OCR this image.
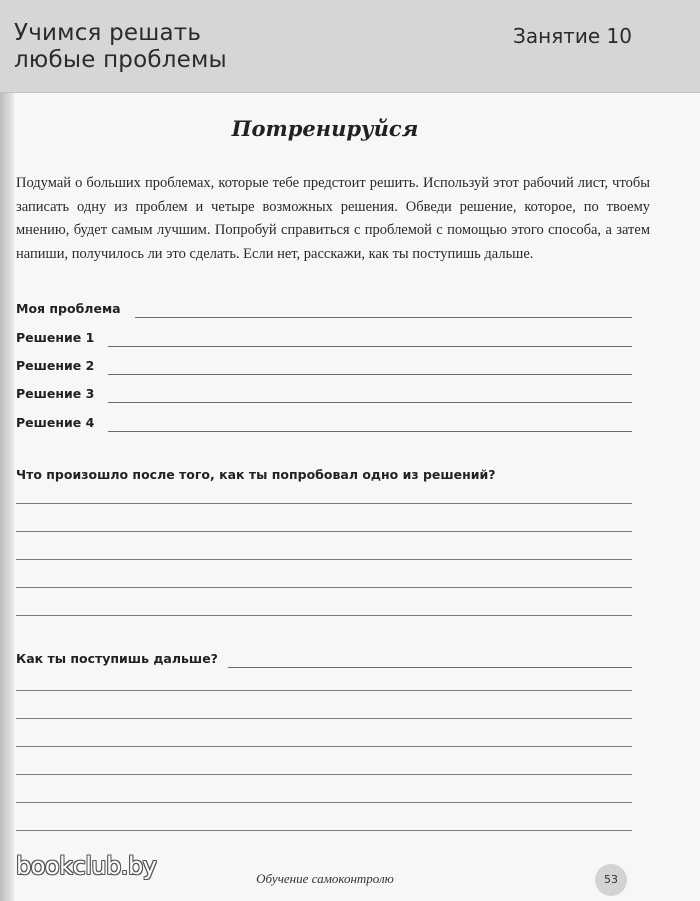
Учимся решать
любые проблемы
Занятие 10
Потренируйся

Подумай о больших проблемах, которые тебе предстоит решить. Используй этот рабочий лист, чтобы записать одну из проблем и четыре возможных решения. Обведи решение, которое, по твоему мнению, будет самым лучшим. Попробуй справиться с проблемой с помощью этого способа, а затем напиши, получилось ли это сделать. Если нет, расскажи, как ты поступишь дальше.

Моя проблема
Решение 1
Решение 2
Решение 3
Решение 4
Что произошло после того, как ты попробовал одно из решений?
Как ты поступишь дальше?
Обучение самоконтролю	53
bookclub.by
